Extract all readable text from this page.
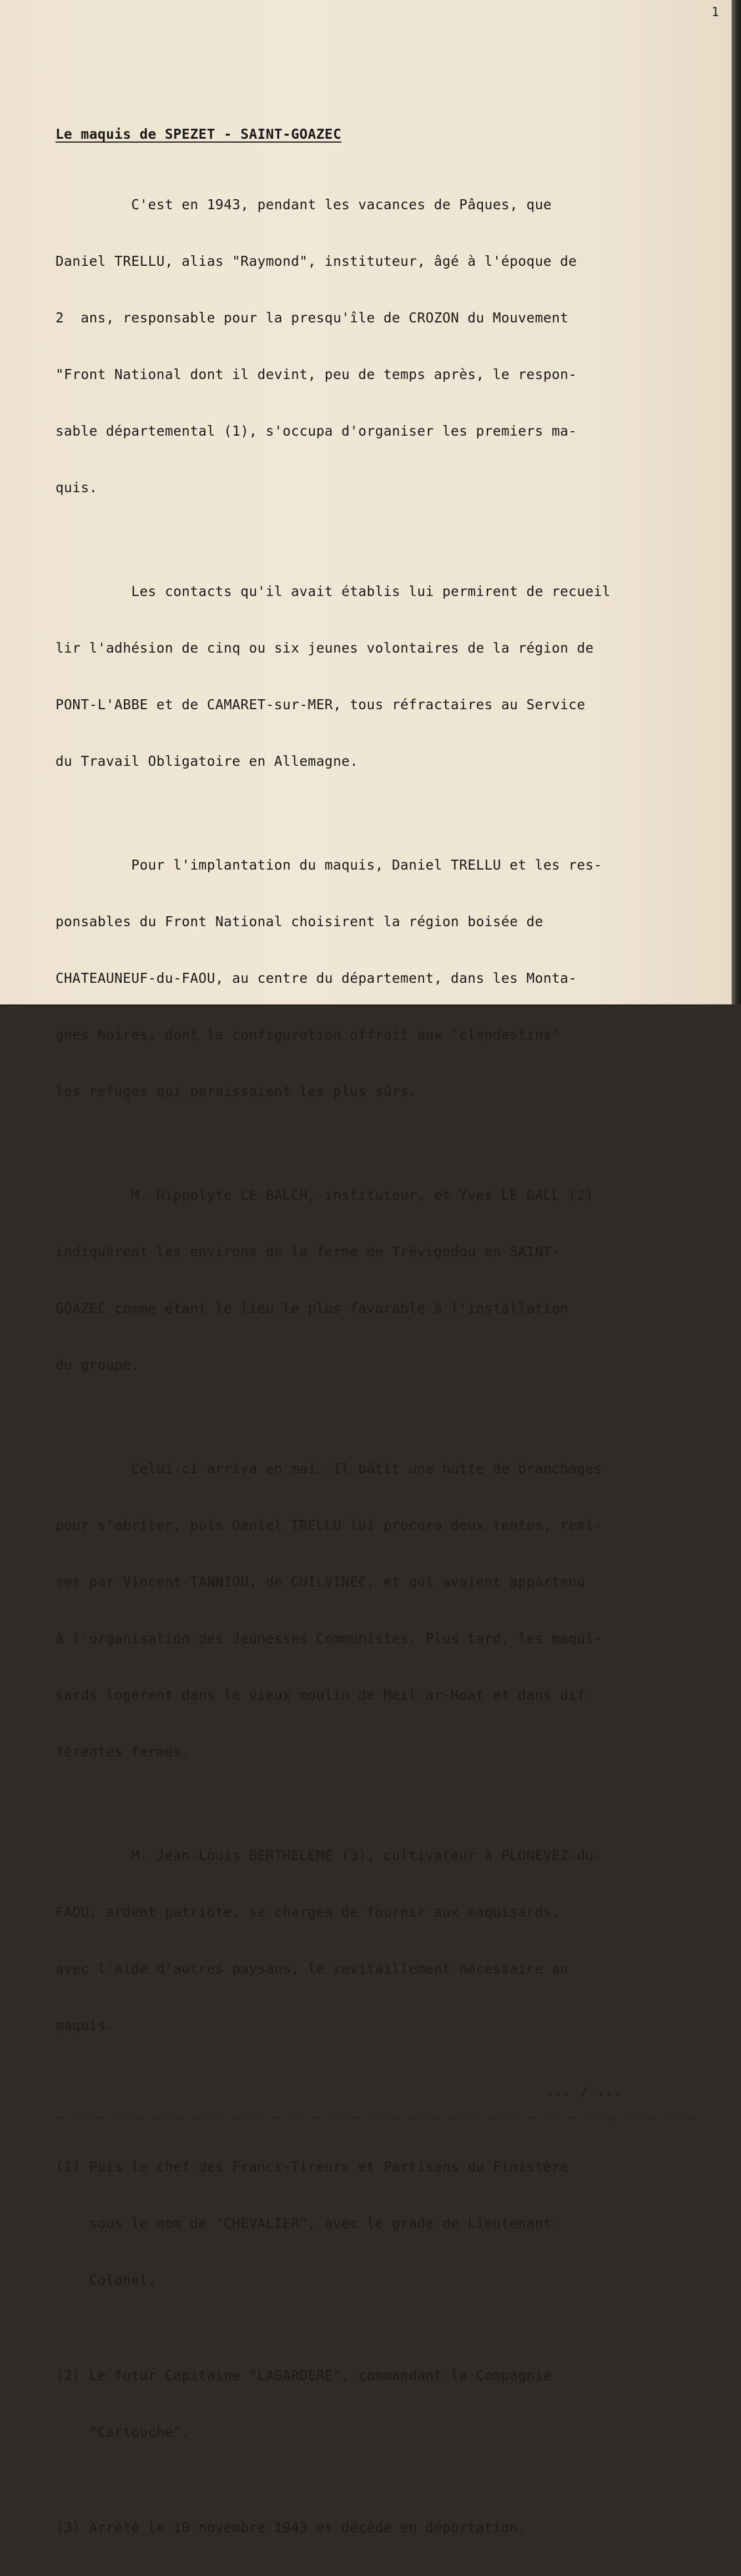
1
Le maquis de SPEZET - SAINT-GOAZEC

C'est en 1943, pendant les vacances de Pâques, que

Daniel TRELLU, alias "Raymond", instituteur, âgé à l'époque de

2  ans, responsable pour la presqu'île de CROZON du Mouvement

"Front National dont il devint, peu de temps après, le respon-

sable départemental (1), s'occupa d'organiser les premiers ma-

quis.

Les contacts qu'il avait établis lui permirent de recueil

lir l'adhésion de cinq ou six jeunes volontaires de la région de

PONT-L'ABBE et de CAMARET-sur-MER, tous réfractaires au Service

du Travail Obligatoire en Allemagne.

Pour l'implantation du maquis, Daniel TRELLU et les res-

ponsables du Front National choisirent la région boisée de

CHATEAUNEUF-du-FAOU, au centre du département, dans les Monta-

gnes Noires, dont la configuration offrait aux "clandestins"

les refuges qui paraissaient les plus sûrs.

M. Hippolyte LE BALCH, instituteur, et Yves LE GALL (2)

indiquèrent les environs de la ferme de Trévigodou en SAINT-

GOAZEC comme étant le lieu le plus favorable à l'installation

du groupe.

Celui-ci arriva en mai. Il bâtit une hutte de branchages

pour s'abriter, puis Daniel TRELLU lui procura deux tentes, remi-

ses par Vincent TANNIOU, de GUILVINEC, et qui avaient appartenu

à l'organisation des Jeunesses Communistes. Plus tard, les maqui-

sards logèrent dans le vieux moulin de Meil-ar-Hoat et dans dif-

férentes fermes.

M. Jean-Louis BERTHELEME (3), cultivateur à PLONEVEZ-du-

FAOU, ardent patriote, se chargea de fournir aux maquisards,

avec l'aide d'autres paysans, le ravitaillement nécessaire au

maquis.

... / ...
_ _ _ _ _ _ _ _ _ _ _ _ _ _ _ _ _ _ _ _ _ _ _ _ _ _ _ _ _ _ _ _ _

(1) Puis le chef des Francs-Tireurs et Partisans du Finistère

sous le nom de "CHEVALIER", avec le grade de Lieutenant-

Colonel.

(2) Le futur Capitaine "LAGARDERE", commandant la Compagnie

"Cartouche".

(3) Arrêté le 10 novembre 1943 et décédé en déportation.
